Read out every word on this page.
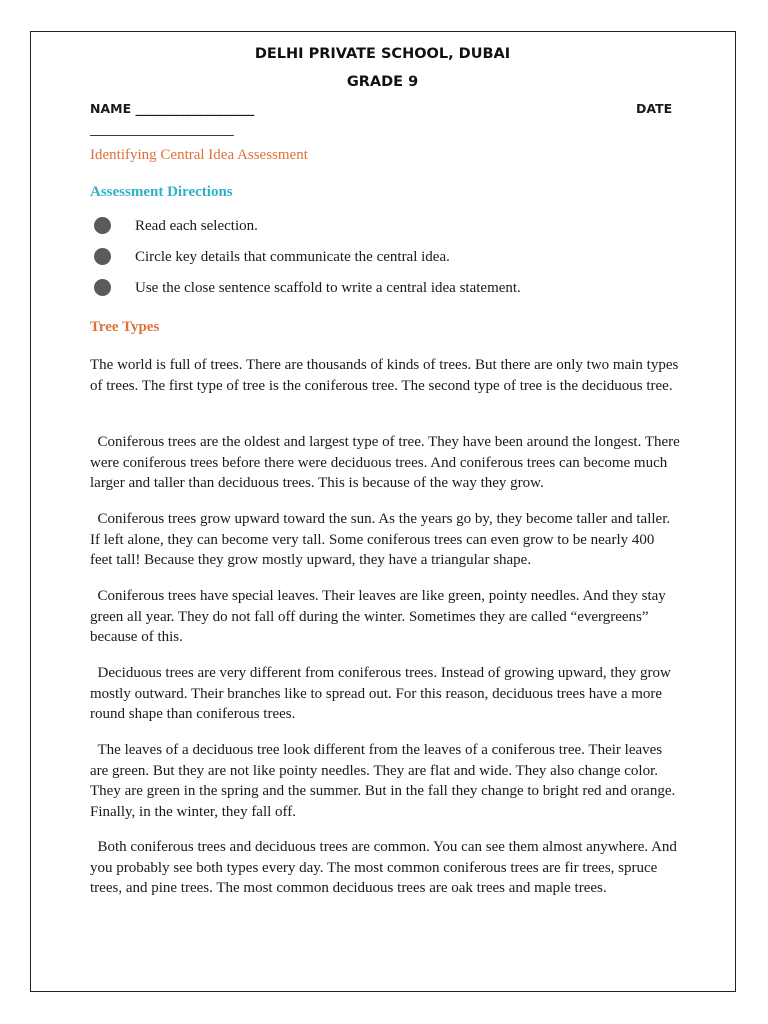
DELHI PRIVATE SCHOOL, DUBAI
GRADE 9
NAME ___________________	DATE
_______________________
Identifying Central Idea Assessment
Assessment Directions
Read each selection.
Circle key details that communicate the central idea.
Use the close sentence scaffold to write a central idea statement.
Tree Types

The world is full of trees. There are thousands of kinds of trees. But there are only two main types of trees. The first type of tree is the coniferous tree. The second type of tree is the deciduous tree.

Coniferous trees are the oldest and largest type of tree. They have been around the longest. There were coniferous trees before there were deciduous trees. And coniferous trees can become much larger and taller than deciduous trees. This is because of the way they grow.

Coniferous trees grow upward toward the sun. As the years go by, they become taller and taller. If left alone, they can become very tall. Some coniferous trees can even grow to be nearly 400 feet tall! Because they grow mostly upward, they have a triangular shape.

Coniferous trees have special leaves. Their leaves are like green, pointy needles. And they stay green all year. They do not fall off during the winter. Sometimes they are called “evergreens” because of this.

Deciduous trees are very different from coniferous trees. Instead of growing upward, they grow mostly outward. Their branches like to spread out. For this reason, deciduous trees have a more round shape than coniferous trees.

The leaves of a deciduous tree look different from the leaves of a coniferous tree. Their leaves are green. But they are not like pointy needles. They are flat and wide. They also change color. They are green in the spring and the summer. But in the fall they change to bright red and orange. Finally, in the winter, they fall off.

Both coniferous trees and deciduous trees are common. You can see them almost anywhere. And you probably see both types every day. The most common coniferous trees are fir trees, spruce trees, and pine trees. The most common deciduous trees are oak trees and maple trees.
